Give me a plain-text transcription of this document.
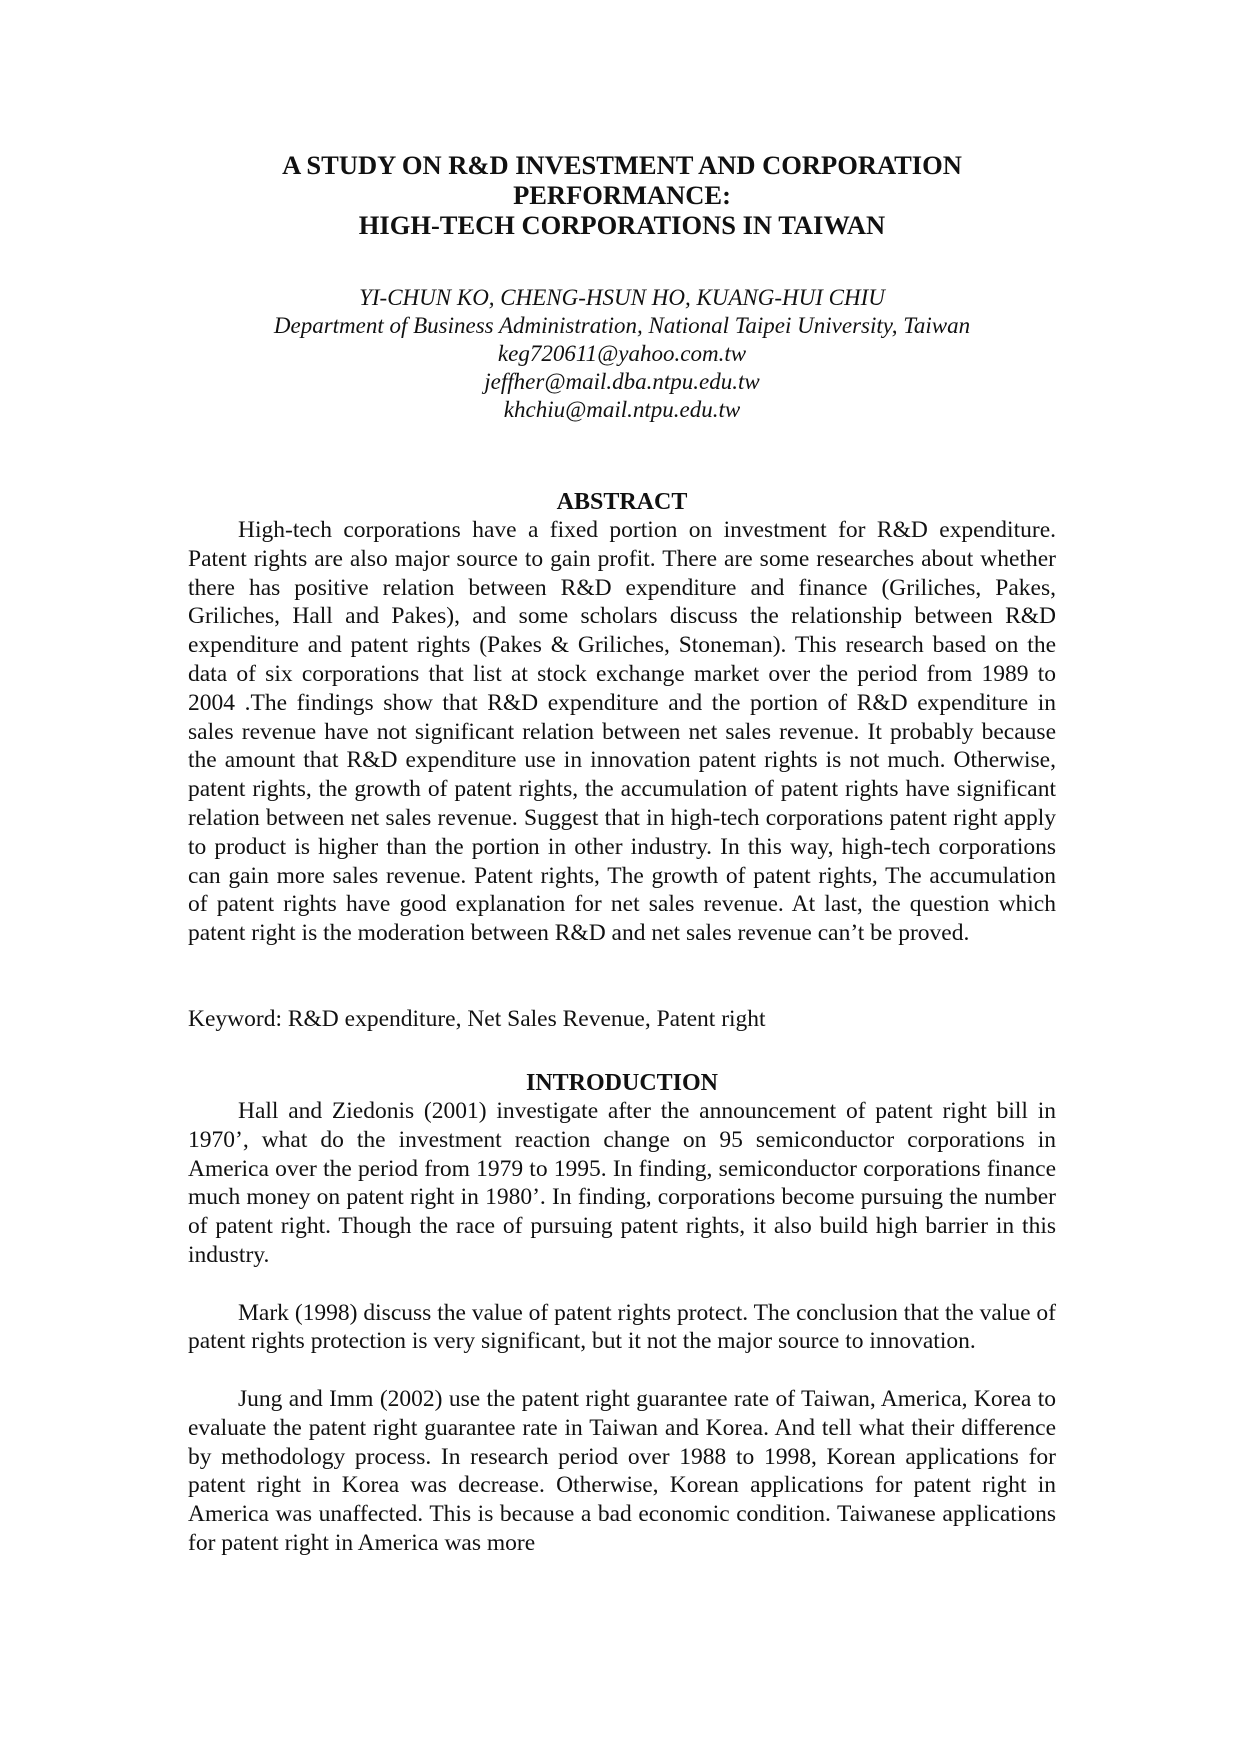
A STUDY ON R&D INVESTMENT AND CORPORATION
PERFORMANCE:
HIGH-TECH CORPORATIONS IN TAIWAN
YI-CHUN KO, CHENG-HSUN HO, KUANG-HUI CHIU
Department of Business Administration, National Taipei University, Taiwan
keg720611@yahoo.com.tw
jeffher@mail.dba.ntpu.edu.tw
khchiu@mail.ntpu.edu.tw
ABSTRACT

High-tech corporations have a fixed portion on investment for R&D expenditure. Patent rights are also major source to gain profit. There are some researches about whether there has positive relation between R&D expenditure and finance (Griliches, Pakes, Griliches, Hall and Pakes), and some scholars discuss the relationship between R&D expenditure and patent rights (Pakes & Griliches, Stoneman). This research based on the data of six corporations that list at stock exchange market over the period from 1989 to 2004 .The findings show that R&D expenditure and the portion of R&D expenditure in sales revenue have not significant relation between net sales revenue. It probably because the amount that R&D expenditure use in innovation patent rights is not much. Otherwise, patent rights, the growth of patent rights, the accumulation of patent rights have significant relation between net sales revenue. Suggest that in high-tech corporations patent right apply to product is higher than the portion in other industry. In this way, high-tech corporations can gain more sales revenue. Patent rights, The growth of patent rights, The accumulation of patent rights have good explanation for net sales revenue. At last, the question which patent right is the moderation between R&D and net sales revenue can’t be proved.

Keyword: R&D expenditure, Net Sales Revenue, Patent right
INTRODUCTION

Hall and Ziedonis (2001) investigate after the announcement of patent right bill in 1970’, what do the investment reaction change on 95 semiconductor corporations in America over the period from 1979 to 1995. In finding, semiconductor corporations finance much money on patent right in 1980’. In finding, corporations become pursuing the number of patent right. Though the race of pursuing patent rights, it also build high barrier in this industry.

Mark (1998) discuss the value of patent rights protect. The conclusion that the value of patent rights protection is very significant, but it not the major source to innovation.

Jung and Imm (2002) use the patent right guarantee rate of Taiwan, America, Korea to evaluate the patent right guarantee rate in Taiwan and Korea. And tell what their difference by methodology process. In research period over 1988 to 1998, Korean applications for patent right in Korea was decrease. Otherwise, Korean applications for patent right in America was unaffected. This is because a bad economic condition. Taiwanese applications for patent right in America was more
